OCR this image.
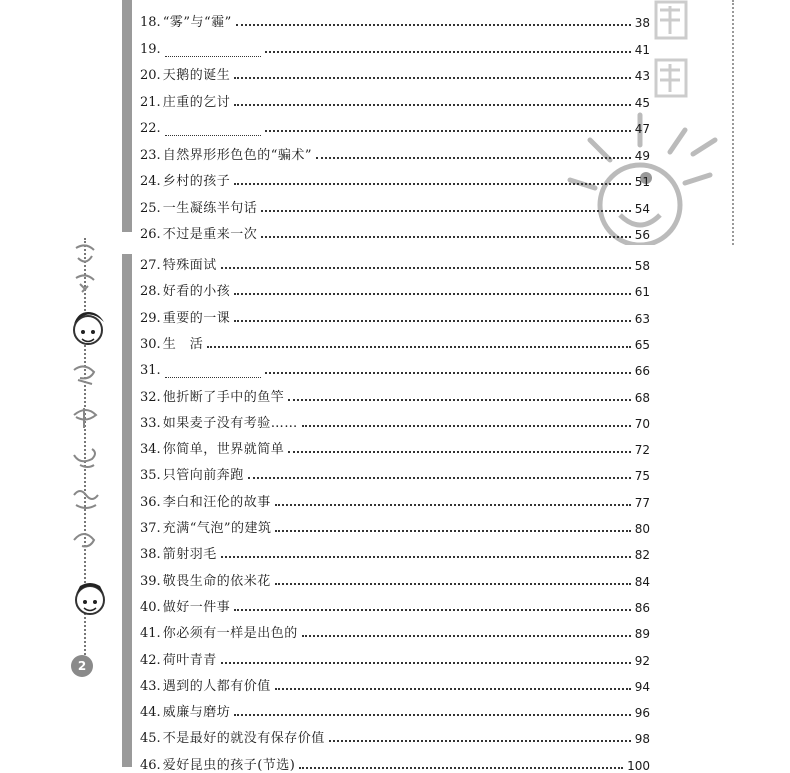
2
18. “雾”与“霾”	38
19.	41
20. 天鹅的诞生	43
21. 庄重的乞讨	45
22.	47
23. 自然界形形色色的“骗术”	49
24. 乡村的孩子	51
25. 一生凝练半句话	54
26. 不过是重来一次	56
27. 特殊面试	58
28. 好看的小孩	61
29. 重要的一课	63
30. 生　活	65
31.	66
32. 他折断了手中的鱼竿	68
33. 如果麦子没有考验……	70
34. 你简单，世界就简单	72
35. 只管向前奔跑	75
36. 李白和汪伦的故事	77
37. 充满“气泡”的建筑	80
38. 箭射羽毛	82
39. 敬畏生命的依米花	84
40. 做好一件事	86
41. 你必须有一样是出色的	89
42. 荷叶青青	92
43. 遇到的人都有价值	94
44. 威廉与磨坊	96
45. 不是最好的就没有保存价值	98
46. 爱好昆虫的孩子(节选)	100
